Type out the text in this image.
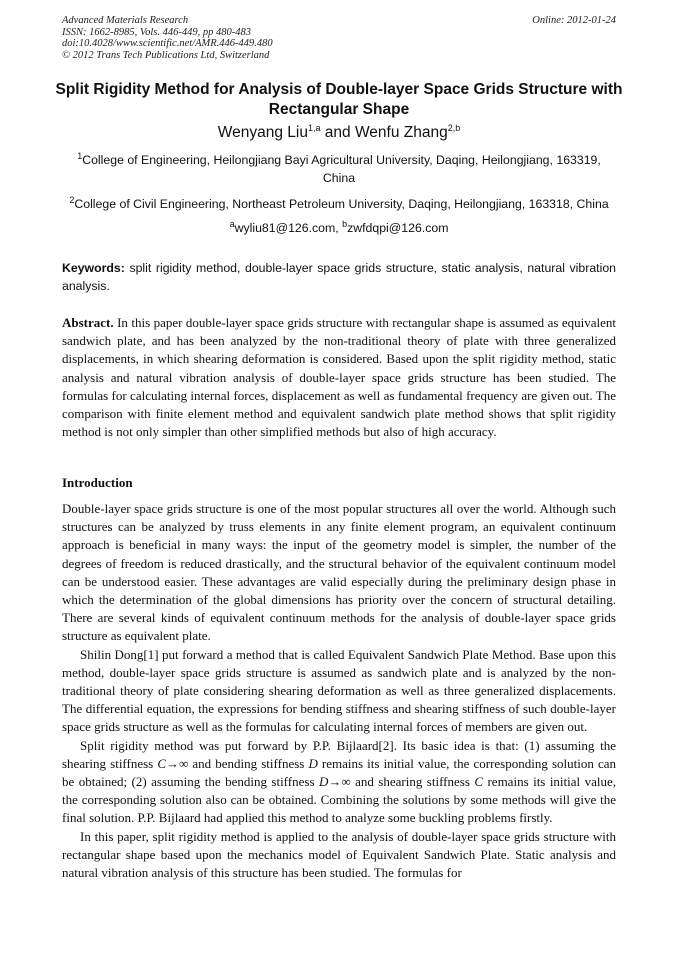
Advanced Materials Research
ISSN: 1662-8985, Vols. 446-449, pp 480-483
doi:10.4028/www.scientific.net/AMR.446-449.480
© 2012 Trans Tech Publications Ltd, Switzerland
Online: 2012-01-24
Split Rigidity Method for Analysis of Double-layer Space Grids Structure with Rectangular Shape
Wenyang Liu$^{1,a}$ and Wenfu Zhang$^{2,b}$
$^1$College of Engineering, Heilongjiang Bayi Agricultural University, Daqing, Heilongjiang, 163319, China
$^2$College of Civil Engineering, Northeast Petroleum University, Daqing, Heilongjiang, 163318, China
$^a$wyliu81@126.com, $^b$zwfdqpi@126.com
Keywords: split rigidity method, double-layer space grids structure, static analysis, natural vibration analysis.
Abstract. In this paper double-layer space grids structure with rectangular shape is assumed as equivalent sandwich plate, and has been analyzed by the non-traditional theory of plate with three generalized displacements, in which shearing deformation is considered. Based upon the split rigidity method, static analysis and natural vibration analysis of double-layer space grids structure has been studied. The formulas for calculating internal forces, displacement as well as fundamental frequency are given out. The comparison with finite element method and equivalent sandwich plate method shows that split rigidity method is not only simpler than other simplified methods but also of high accuracy.
Introduction

Double-layer space grids structure is one of the most popular structures all over the world. Although such structures can be analyzed by truss elements in any finite element program, an equivalent continuum approach is beneficial in many ways: the input of the geometry model is simpler, the number of the degrees of freedom is reduced drastically, and the structural behavior of the equivalent continuum model can be understood easier. These advantages are valid especially during the preliminary design phase in which the determination of the global dimensions has priority over the concern of structural detailing. There are several kinds of equivalent continuum methods for the analysis of double-layer space grids structure as equivalent plate.

Shilin Dong[1] put forward a method that is called Equivalent Sandwich Plate Method. Base upon this method, double-layer space grids structure is assumed as sandwich plate and is analyzed by the non-traditional theory of plate considering shearing deformation as well as three generalized displacements. The differential equation, the expressions for bending stiffness and shearing stiffness of such double-layer space grids structure as well as the formulas for calculating internal forces of members are given out.

Split rigidity method was put forward by P.P. Bijlaard[2]. Its basic idea is that: (1) assuming the shearing stiffness C→∞ and bending stiffness D remains its initial value, the corresponding solution can be obtained; (2) assuming the bending stiffness D→∞ and shearing stiffness C remains its initial value, the corresponding solution also can be obtained. Combining the solutions by some methods will give the final solution. P.P. Bijlaard had applied this method to analyze some buckling problems firstly.

In this paper, split rigidity method is applied to the analysis of double-layer space grids structure with rectangular shape based upon the mechanics model of Equivalent Sandwich Plate. Static analysis and natural vibration analysis of this structure has been studied. The formulas for
